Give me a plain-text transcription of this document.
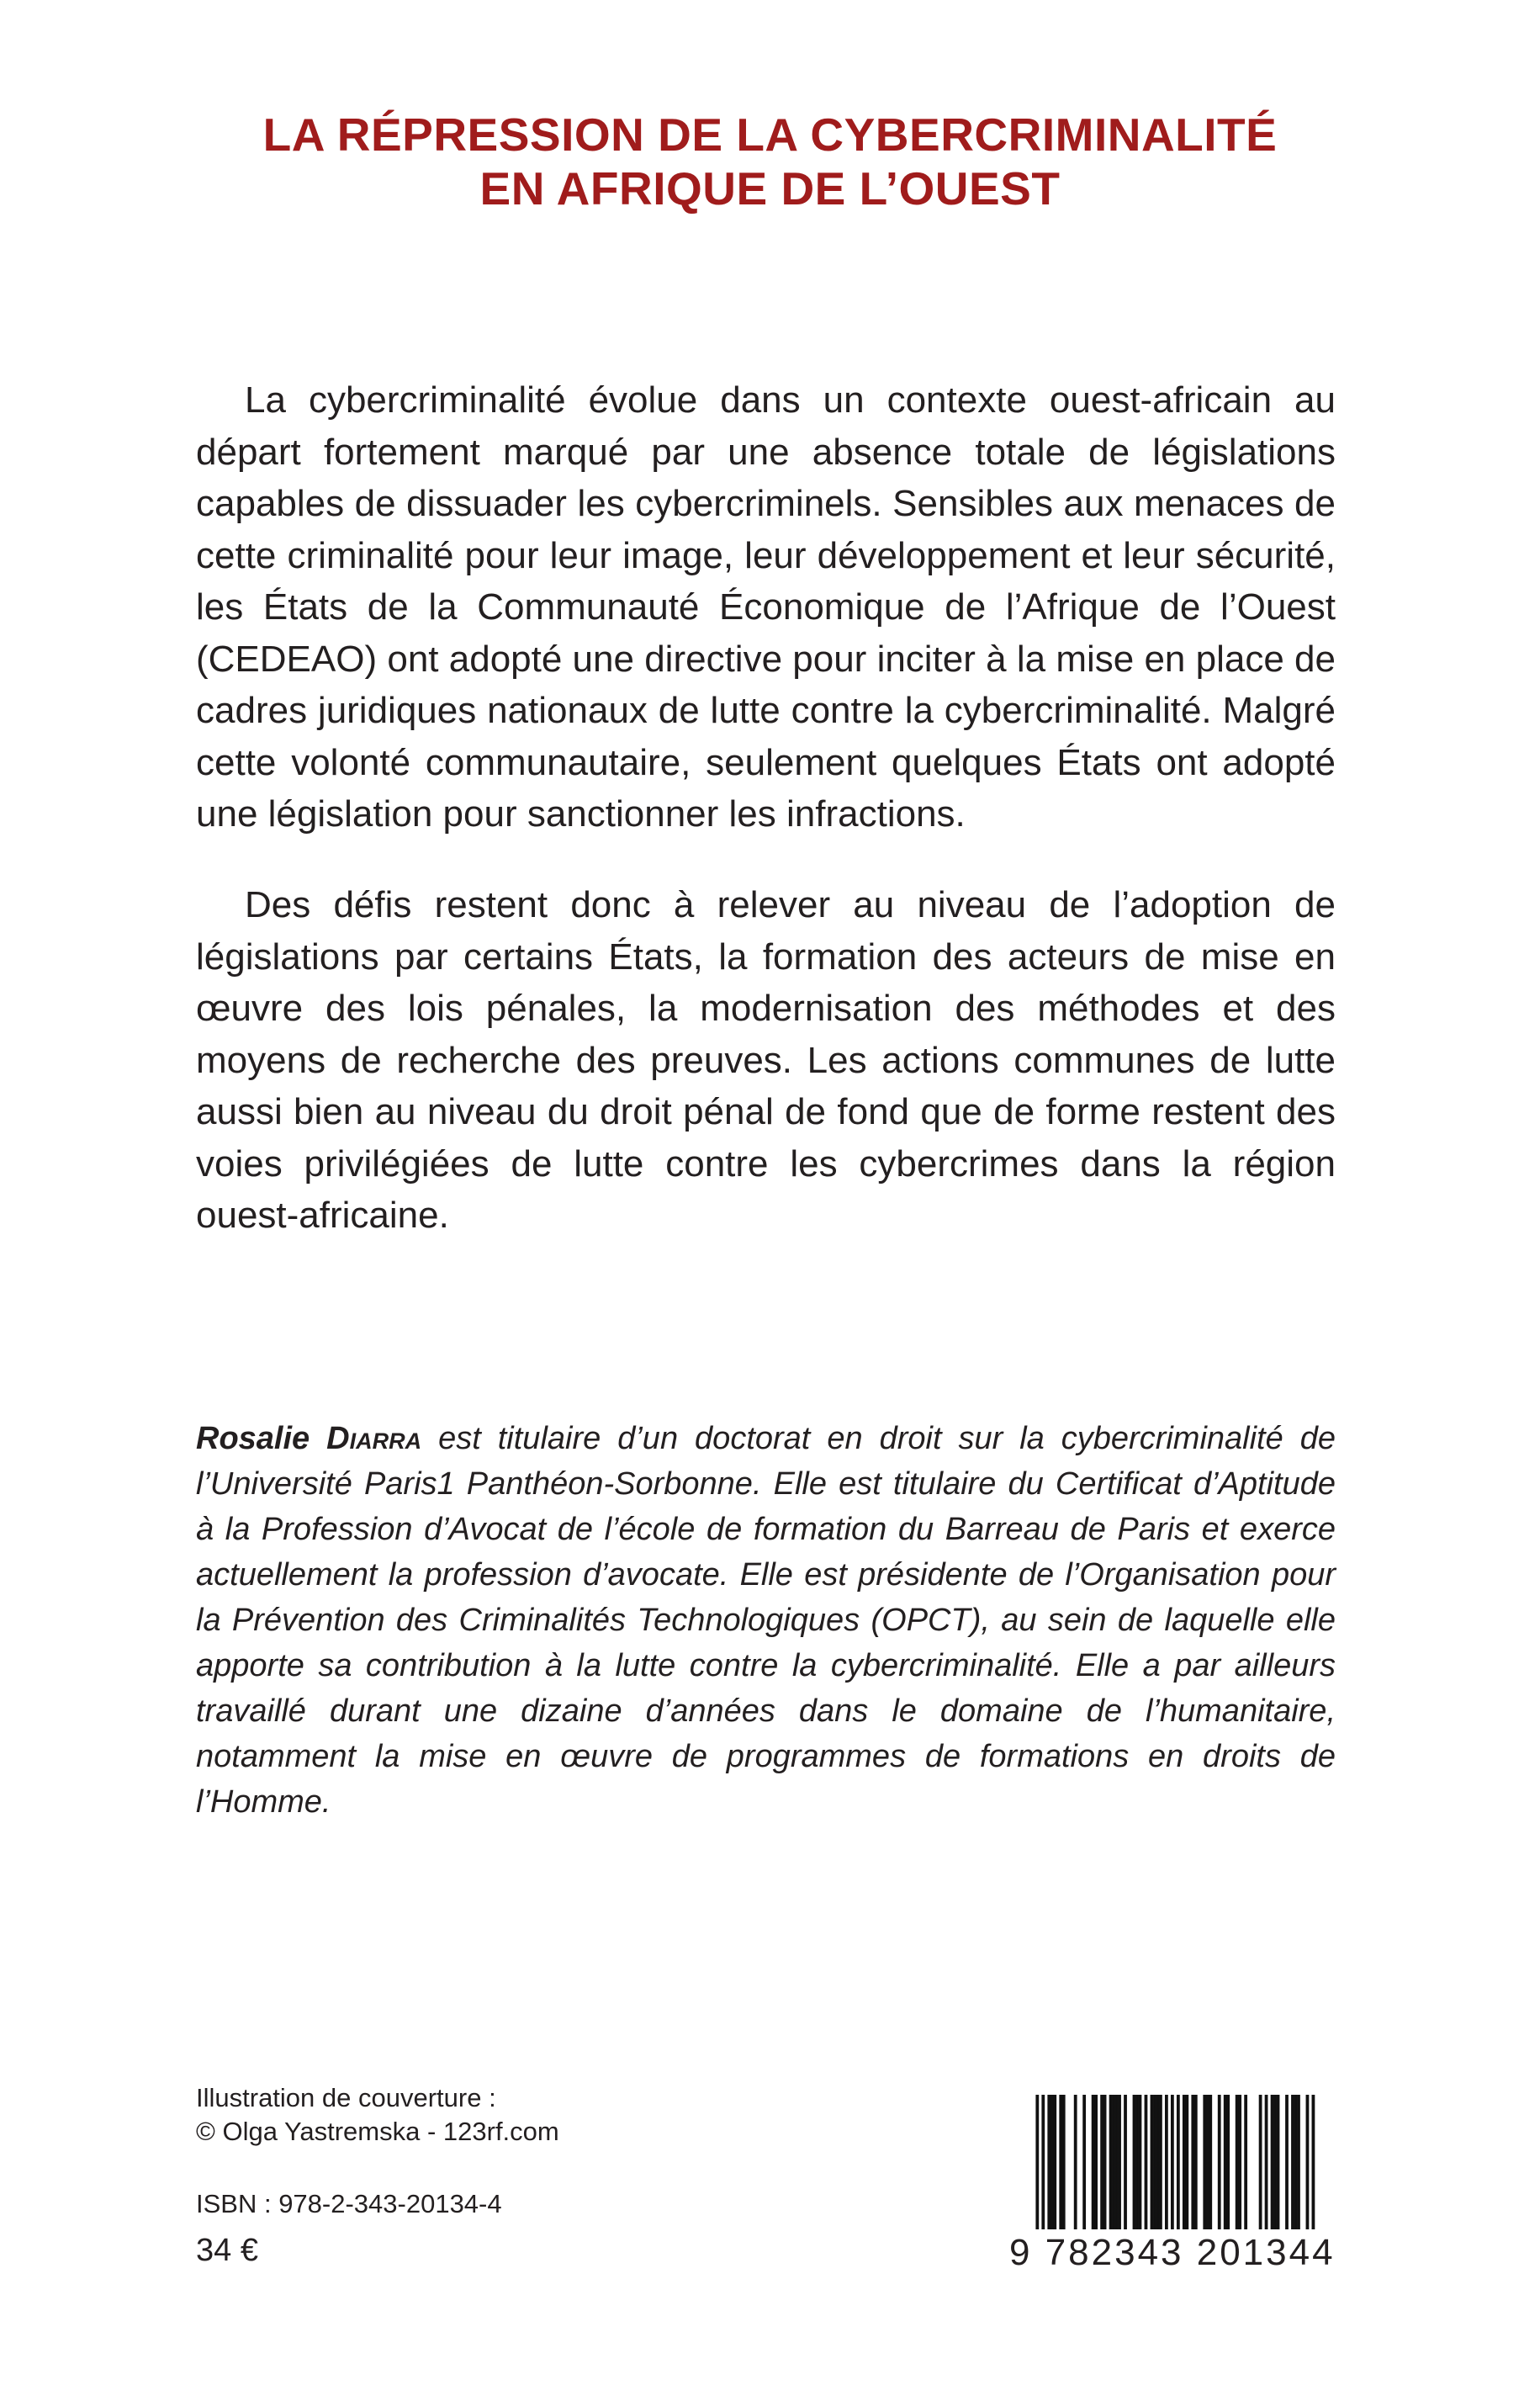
LA RÉPRESSION DE LA CYBERCRIMINALITÉ
EN AFRIQUE DE L’OUEST
La cybercriminalité évolue dans un contexte ouest-africain au départ fortement marqué par une absence totale de législations capables de dissuader les cybercriminels. Sensibles aux menaces de cette criminalité pour leur image, leur développement et leur sécurité, les États de la Communauté Économique de l’Afrique de l’Ouest (CEDEAO) ont adopté une directive pour inciter à la mise en place de cadres juridiques nationaux de lutte contre la cybercriminalité. Malgré cette volonté communautaire, seulement quelques États ont adopté une législation pour sanctionner les infractions.
Des défis restent donc à relever au niveau de l’adoption de législations par certains États, la formation des acteurs de mise en œuvre des lois pénales, la modernisation des méthodes et des moyens de recherche des preuves. Les actions communes de lutte aussi bien au niveau du droit pénal de fond que de forme restent des voies privilégiées de lutte contre les cybercrimes dans la région ouest-africaine.
Rosalie Diarra est titulaire d’un doctorat en droit sur la cybercriminalité de l’Université Paris1 Panthéon-Sorbonne. Elle est titulaire du Certificat d’Aptitude à la Profession d’Avocat de l’école de formation du Barreau de Paris et exerce actuellement la profession d’avocate. Elle est présidente de l’Organisation pour la Prévention des Criminalités Technologiques (OPCT), au sein de laquelle elle apporte sa contribution à la lutte contre la cybercriminalité. Elle a par ailleurs travaillé durant une dizaine d’années dans le domaine de l’humanitaire, notamment la mise en œuvre de programmes de formations en droits de l’Homme.
Illustration de couverture :
© Olga Yastremska - 123rf.com
ISBN : 978-2-343-20134-4
34 €	9 782343 201344
